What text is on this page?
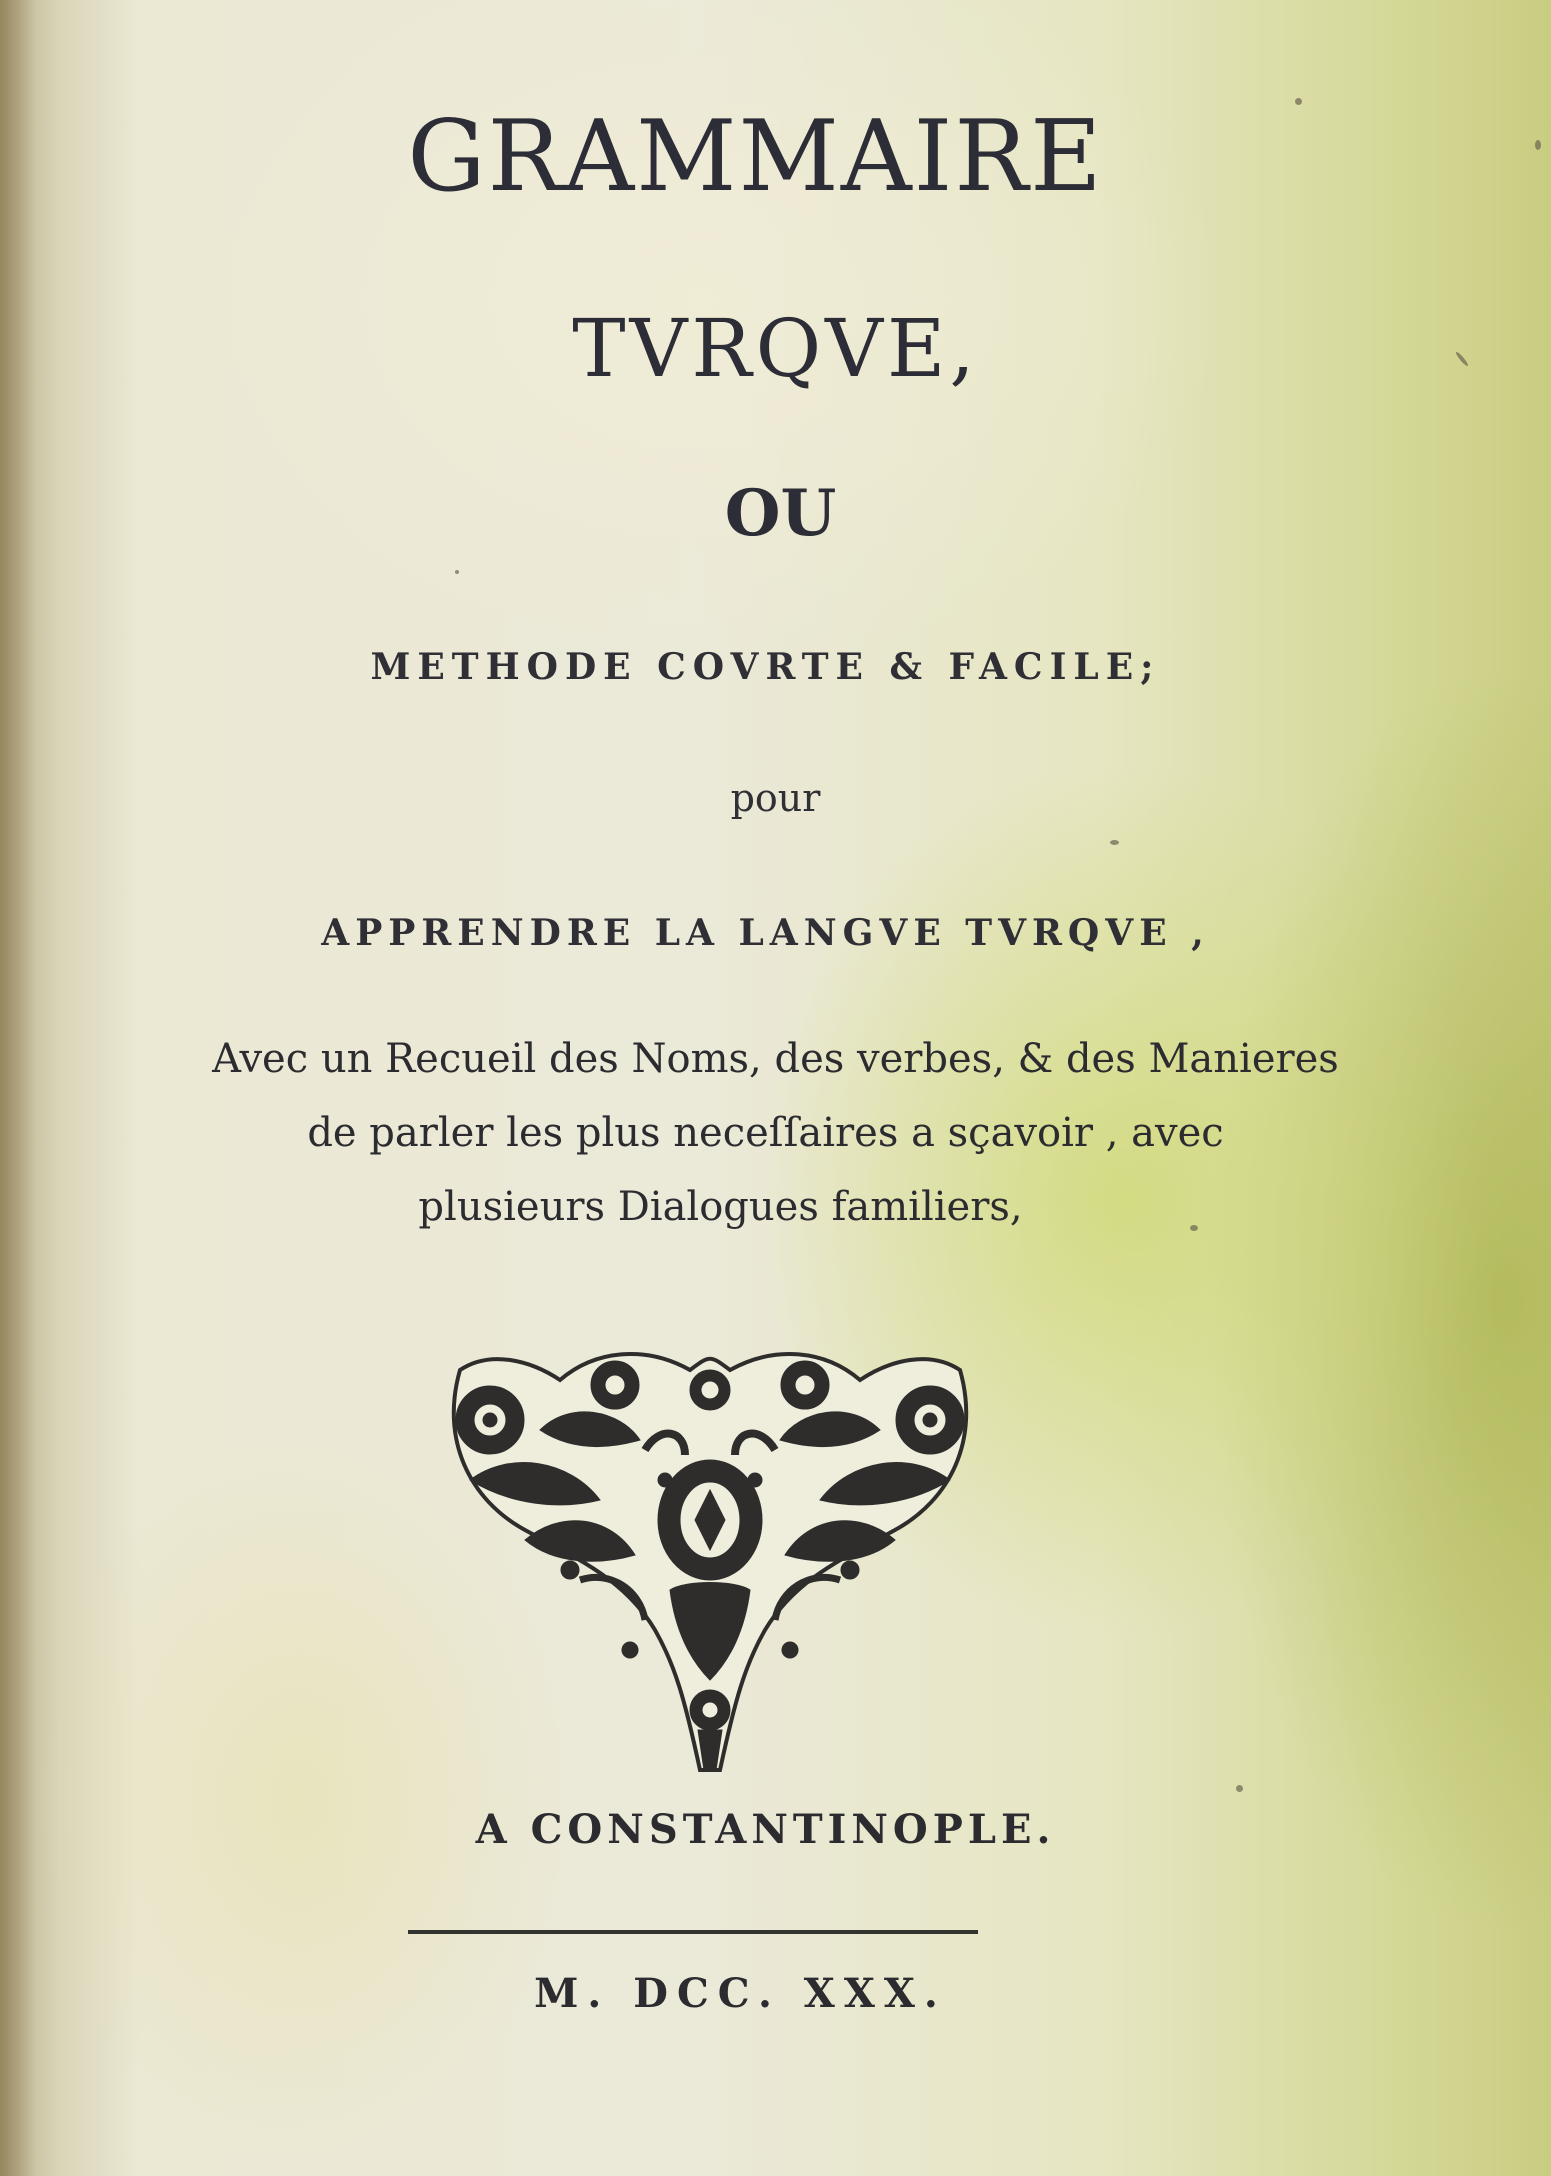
GRAMMAIRE
TVRQVE,
OU
METHODE COVRTE & FACILE;
pour
APPRENDRE LA LANGVE TVRQVE ,
Avec un Recueil des Noms, des verbes, & des Manieres
de parler les plus neceſſaires a sçavoir , avec
plusieurs Dialogues familiers,
A CONSTANTINOPLE.
M. DCC. XXX.
